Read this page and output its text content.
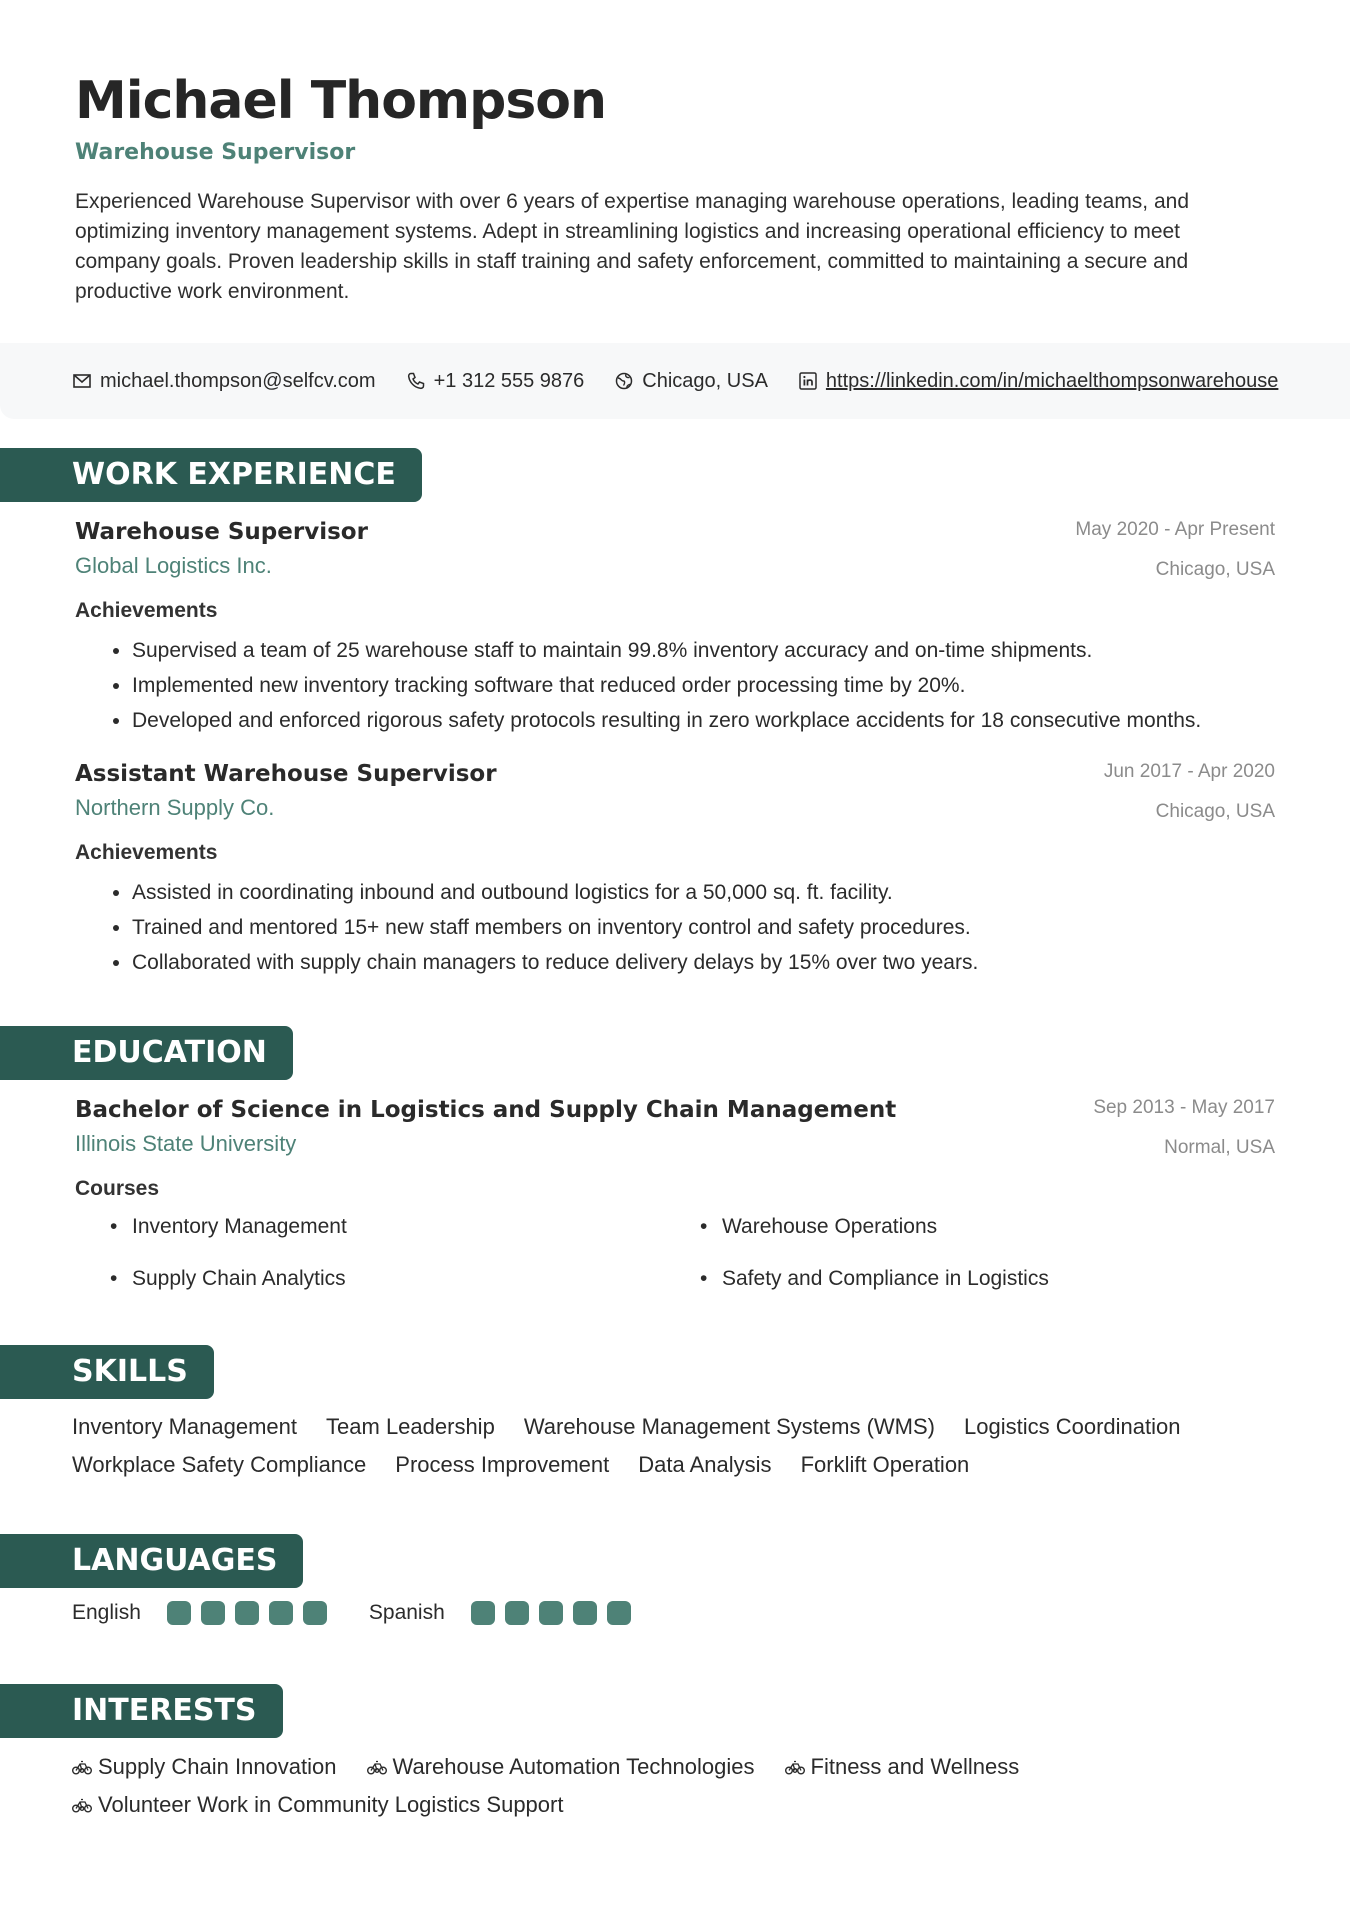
Michael Thompson
Warehouse Supervisor
Experienced Warehouse Supervisor with over 6 years of expertise managing warehouse operations, leading teams, and optimizing inventory management systems. Adept in streamlining logistics and increasing operational efficiency to meet company goals. Proven leadership skills in staff training and safety enforcement, committed to maintaining a secure and productive work environment.
michael.thompson@selfcv.com	+1 312 555 9876	Chicago, USA	https://linkedin.com/in/michaelthompsonwarehouse
WORK EXPERIENCE
Warehouse Supervisor
Global Logistics Inc.
May 2020 - Apr Present
Chicago, USA
Achievements
• Supervised a team of 25 warehouse staff to maintain 99.8% inventory accuracy and on-time shipments.
• Implemented new inventory tracking software that reduced order processing time by 20%.
• Developed and enforced rigorous safety protocols resulting in zero workplace accidents for 18 consecutive months.
Assistant Warehouse Supervisor
Northern Supply Co.
Jun 2017 - Apr 2020
Chicago, USA
Achievements
• Assisted in coordinating inbound and outbound logistics for a 50,000 sq. ft. facility.
• Trained and mentored 15+ new staff members on inventory control and safety procedures.
• Collaborated with supply chain managers to reduce delivery delays by 15% over two years.
EDUCATION
Bachelor of Science in Logistics and Supply Chain Management
Illinois State University
Sep 2013 - May 2017
Normal, USA
Courses
• Inventory Management	• Warehouse Operations
• Supply Chain Analytics	• Safety and Compliance in Logistics
SKILLS
Inventory Management Team Leadership Warehouse Management Systems (WMS) Logistics Coordination
Workplace Safety Compliance Process Improvement Data Analysis Forklift Operation
LANGUAGES
English	Spanish
INTERESTS
Supply Chain Innovation	Warehouse Automation Technologies	Fitness and Wellness
Volunteer Work in Community Logistics Support
